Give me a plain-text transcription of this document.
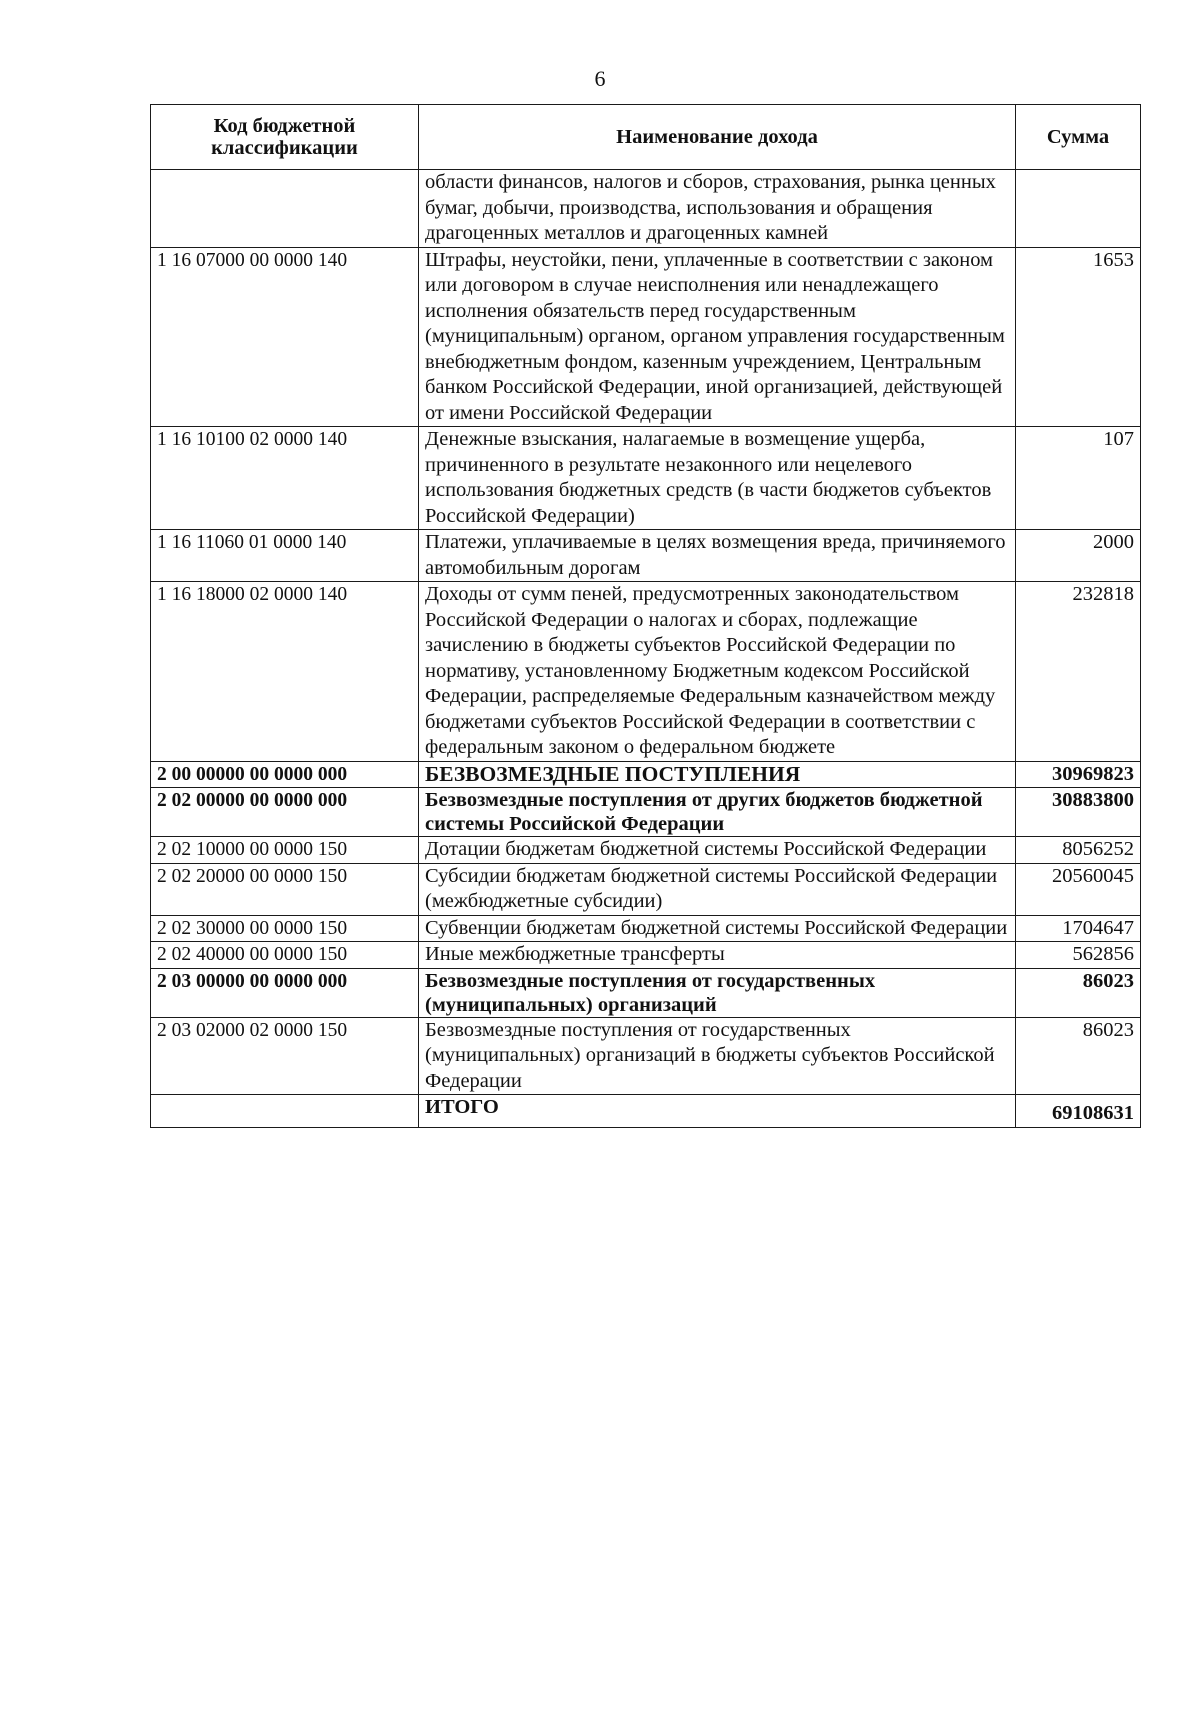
6
Код бюджетной классификации	Наименование дохода	Сумма
	области финансов, налогов и сборов, страхования, рынка ценных бумаг, добычи, производства, использования и обращения драгоценных металлов и драгоценных камней	
1 16 07000 00 0000 140	Штрафы, неустойки, пени, уплаченные в соответствии с законом или договором в случае неисполнения или ненадлежащего исполнения обязательств перед государственным (муниципальным) органом, органом управления государственным внебюджетным фондом, казенным учреждением, Центральным банком Российской Федерации, иной организацией, действующей от имени Российской Федерации	1653
1 16 10100 02 0000 140	Денежные взыскания, налагаемые в возмещение ущерба, причиненного в результате незаконного или нецелевого использования бюджетных средств (в части бюджетов субъектов Российской Федерации)	107
1 16 11060 01 0000 140	Платежи, уплачиваемые в целях возмещения вреда, причиняемого автомобильным дорогам	2000
1 16 18000 02 0000 140	Доходы от сумм пеней, предусмотренных законодательством Российской Федерации о налогах и сборах, подлежащие зачислению в бюджеты субъектов Российской Федерации по нормативу, установленному Бюджетным кодексом Российской Федерации, распределяемые Федеральным казначейством между бюджетами субъектов Российской Федерации в соответствии с федеральным законом о федеральном бюджете	232818
2 00 00000 00 0000 000	БЕЗВОЗМЕЗДНЫЕ ПОСТУПЛЕНИЯ	30969823
2 02 00000 00 0000 000	Безвозмездные поступления от других бюджетов бюджетной системы Российской Федерации	30883800
2 02 10000 00 0000 150	Дотации бюджетам бюджетной системы Российской Федерации	8056252
2 02 20000 00 0000 150	Субсидии бюджетам бюджетной системы Российской Федерации (межбюджетные субсидии)	20560045
2 02 30000 00 0000 150	Субвенции бюджетам бюджетной системы Российской Федерации	1704647
2 02 40000 00 0000 150	Иные межбюджетные трансферты	562856
2 03 00000 00 0000 000	Безвозмездные поступления от государственных (муниципальных) организаций	86023
2 03 02000 02 0000 150	Безвозмездные поступления от государственных (муниципальных) организаций в бюджеты субъектов Российской Федерации	86023
	ИТОГО	69108631
